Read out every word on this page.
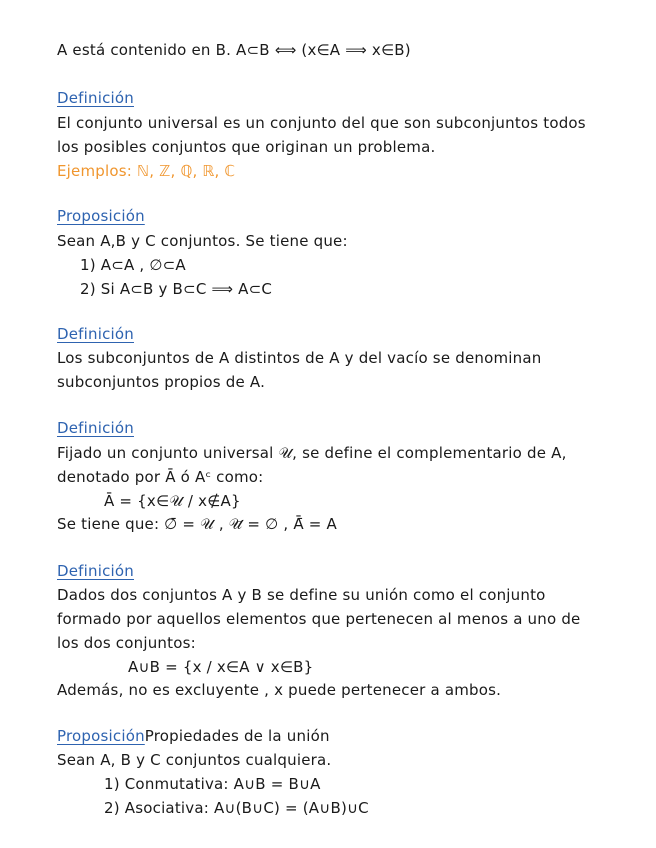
A está contenido en B. A⊂B ⟺ (x∈A ⟹ x∈B)
Definición
El conjunto universal es un conjunto del que son subconjuntos todos
los posibles conjuntos que originan un problema.
Ejemplos: ℕ, ℤ, ℚ, ℝ, ℂ
Proposición
Sean A,B y C conjuntos. Se tiene que:
1) A⊂A , ∅⊂A
2) Si A⊂B y B⊂C ⟹ A⊂C
Definición
Los subconjuntos de A distintos de A y del vacío se denominan
subconjuntos propios de A.
Definición
Fijado un conjunto universal 𝒰, se define el complementario de A,
denotado por Ā ó Aᶜ como:
Ā = {x∈𝒰 / x∉A}
Se tiene que: ∅̄ = 𝒰 , 𝒰̄ = ∅ , Ā̄ = A
Definición
Dados dos conjuntos A y B se define su unión como el conjunto
formado por aquellos elementos que pertenecen al menos a uno de
los dos conjuntos:
A∪B = {x / x∈A ∨ x∈B}
Además, no es excluyente , x puede pertenecer a ambos.
ProposiciónPropiedades de la unión
Sean A, B y C conjuntos cualquiera.
1) Conmutativa: A∪B = B∪A
2) Asociativa: A∪(B∪C) = (A∪B)∪C
